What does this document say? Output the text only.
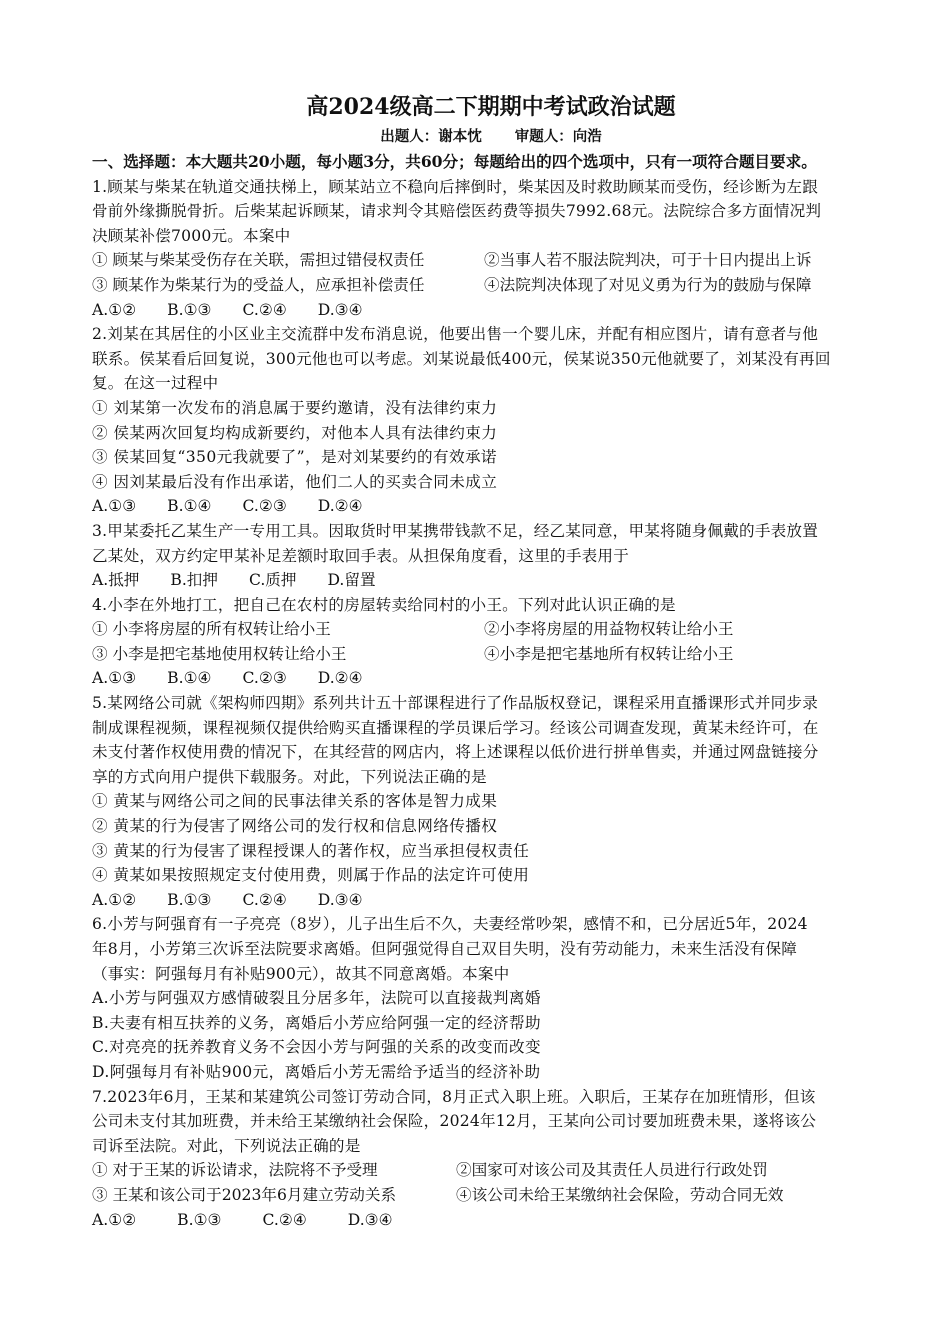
高2024级高二下期期中考试政治试题
出题人：谢本忱 审题人：向浩
一、选择题：本大题共20小题，每小题3分，共60分；每题给出的四个选项中，只有一项符合题目要求。
1.顾某与柴某在轨道交通扶梯上，顾某站立不稳向后摔倒时，柴某因及时救助顾某而受伤，经诊断为左跟
骨前外缘撕脱骨折。后柴某起诉顾某，请求判令其赔偿医药费等损失7992.68元。法院综合多方面情况判
决顾某补偿7000元。本案中
① 顾某与柴某受伤存在关联，需担过错侵权责任	②当事人若不服法院判决，可于十日内提出上诉
③ 顾某作为柴某行为的受益人，应承担补偿责任	④法院判决体现了对见义勇为行为的鼓励与保障
A.①② B.①③ C.②④ D.③④
2.刘某在其居住的小区业主交流群中发布消息说，他要出售一个婴儿床，并配有相应图片，请有意者与他
联系。侯某看后回复说，300元他也可以考虑。刘某说最低400元，侯某说350元他就要了，刘某没有再回
复。在这一过程中
① 刘某第一次发布的消息属于要约邀请，没有法律约束力
② 侯某两次回复均构成新要约，对他本人具有法律约束力
③ 侯某回复“350元我就要了”，是对刘某要约的有效承诺
④ 因刘某最后没有作出承诺，他们二人的买卖合同未成立
A.①③ B.①④ C.②③ D.②④
3.甲某委托乙某生产一专用工具。因取货时甲某携带钱款不足，经乙某同意，甲某将随身佩戴的手表放置
乙某处，双方约定甲某补足差额时取回手表。从担保角度看，这里的手表用于
A.抵押 B.扣押 C.质押 D.留置
4.小李在外地打工，把自己在农村的房屋转卖给同村的小王。下列对此认识正确的是
① 小李将房屋的所有权转让给小王	②小李将房屋的用益物权转让给小王
③ 小李是把宅基地使用权转让给小王	④小李是把宅基地所有权转让给小王
A.①③ B.①④ C.②③ D.②④
5.某网络公司就《架构师四期》系列共计五十部课程进行了作品版权登记，课程采用直播课形式并同步录
制成课程视频，课程视频仅提供给购买直播课程的学员课后学习。经该公司调查发现，黄某未经许可，在
未支付著作权使用费的情况下，在其经营的网店内，将上述课程以低价进行拼单售卖，并通过网盘链接分
享的方式向用户提供下载服务。对此，下列说法正确的是
① 黄某与网络公司之间的民事法律关系的客体是智力成果
② 黄某的行为侵害了网络公司的发行权和信息网络传播权
③ 黄某的行为侵害了课程授课人的著作权，应当承担侵权责任
④ 黄某如果按照规定支付使用费，则属于作品的法定许可使用
A.①② B.①③ C.②④ D.③④
6.小芳与阿强育有一子亮亮（8岁），儿子出生后不久，夫妻经常吵架，感情不和，已分居近5年，2024
年8月，小芳第三次诉至法院要求离婚。但阿强觉得自己双目失明，没有劳动能力，未来生活没有保障
（事实：阿强每月有补贴900元），故其不同意离婚。本案中
A.小芳与阿强双方感情破裂且分居多年，法院可以直接裁判离婚
B.夫妻有相互扶养的义务，离婚后小芳应给阿强一定的经济帮助
C.对亮亮的抚养教育义务不会因小芳与阿强的关系的改变而改变
D.阿强每月有补贴900元，离婚后小芳无需给予适当的经济补助
7.2023年6月，王某和某建筑公司签订劳动合同，8月正式入职上班。入职后，王某存在加班情形，但该
公司未支付其加班费，并未给王某缴纳社会保险，2024年12月，王某向公司讨要加班费未果，遂将该公
司诉至法院。对此，下列说法正确的是
① 对于王某的诉讼请求，法院将不予受理	②国家可对该公司及其责任人员进行行政处罚
③ 王某和该公司于2023年6月建立劳动关系	④该公司未给王某缴纳社会保险，劳动合同无效
A.①②	B.①③	C.②④	D.③④
